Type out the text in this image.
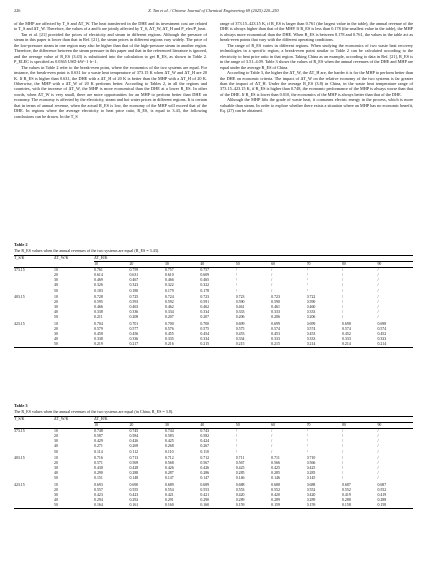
226	Z. Tan et al. / Chinese Journal of Chemical Engineering 69 (2025) 220–250

of the MHP are affected by T_S and ΔT_W. The heat transferred in the DHE and its investment cost are related to T_S and ΔT_W. Therefore, the values of a and b are jointly affected by T_S, ΔT_W, ΔT_H and P_elec/P_heat.

Tan et al. [21] provided the prices of electricity and steam in different regions. Although the pressure of steam in this paper is lower than that in Ref. [21], the steam prices in different regions vary widely. The price of the low-pressure steam in one region may also be higher than that of the high-pressure steam in another region. Therefore, the difference between the steam pressure in this paper and that in the referenced literature is ignored, and the average value of R_ES (3.43) is substituted into the calculation to get R_ES, as shown in Table 2. P_ELEC is specified as 0.0365 USD·kW−1·h−1.

The values in Table 2 refer to the break-even point, where the economics of the two systems are equal. For instance, the break-even point is 0.631 for a waste heat temperature of 373.15 K when ΔT_W and ΔT_H are 20 K. If R_ES is higher than 0.631, the DHE with a ΔT_H of 20 K is better than the MHP with a ΔT_H of 20 K. Otherwise, the MHP with a ΔT_W of 20 K performs better. According to Tables 2, in all the regions and countries, with the increase of ΔT_W, the MHP is more economical than the DHE at a lower R_ES. In other words, when ΔT_W is very small, there are more opportunities for an MHP to perform better than DHE on economy. The economy is affected by the electricity, steam and hot water prices in different regions. It is certain that in terms of annual revenue, when the actual R_ES is low, the economy of the MHP will exceed that of the DHE. In regions where the average electricity to heat price ratio, R_ES, is equal to 3.43, the following conclusions can be drawn. In the T_S

range of 373.15–423.15 K, if R_ES is larger than 0.761 (the largest value in the table), the annual revenue of the DHE is always higher than that of the MHP. If R_ES is less than 0.178 (the smallest value in the table), the MHP is always more economical than the DHE. When R_ES is between 0.178 and 0.761, the values in the table act as break-even points that vary with the different operating conditions.

The range of R_ES varies in different regions. When studying the economics of two waste heat recovery technologies in a specific region, a break-even point similar to Table 2 can be calculated according to the electricity to heat price ratio in that region. Taking China as an example, according to data in Ref. [21], R_ES is in the range of 3.51–4.09. Table 3 shows the values of R_ES when the annual revenues of the DHE and MHP are equal under the average R_ES of China.

According to Table 3, the higher the ΔT_W, the ΔT_H are, the harder it is for the MHP to perform better than the DHE on economic criteria. The impact of ΔT_W on the relative economy of the two systems is far greater than the impact of ΔT_H. Under the average R_ES (3.8) in China, in the waste heat temperature range of 373.15–423.15 K, if R_ES is higher than 0.748, the economic performance of the MHP is always worse than that of the DHE. If R_ES is lower than 0.010, the economics of the MHP is always better than that of the DHE.

Although the MHP lifts the grade of waste heat, it consumes electric energy in the process, which is more valuable than steam. In order to explore whether there exists a situation where an MHP has no economic benefit, Eq. (27) can be obtained.

Table 2
The R_ES values when the annual revenues of the two systems are equal (R_ES = 3.43).
T_S/K	ΔT_W/K	ΔT_H/K								
		10	20	30	40	50	60	70	80	90
373.15	10	0.761	0.759	0.757	0.757	/	/	/	/	/
	20	0.614	0.631	0.610	0.609	/	/	/	/	/
	30	0.469	0.467	0.466	0.465	/	/	/	/	/
	40	0.326	0.323	0.322	0.322	/	/	/	/	/
	50	0.183	0.180	0.179	0.178	/	/	/	/	/
403.15	10	0.728	0.725	0.724	0.723	0.723	0.723	0.722	/	/
	20	0.595	0.593	0.592	0.591	0.590	0.590	0.590	/	/
	30	0.466	0.463	0.462	0.462	0.461	0.461	0.460	/	/
	40	0.338	0.336	0.334	0.334	0.333	0.333	0.333	/	/
	50	0.211	0.208	0.207	0.207	0.206	0.206	0.206	/	/
423.15	10	0.704	0.701	0.700	0.700	0.699	0.699	0.699	0.698	0.698
	20	0.579	0.577	0.576	0.575	0.575	0.574	0.574	0.574	0.574
	30	0.458	0.456	0.455	0.454	0.453	0.453	0.453	0.452	0.452
	40	0.338	0.336	0.335	0.334	0.334	0.333	0.333	0.333	0.333
	50	0.219	0.217	0.216	0.215	0.215	0.215	0.214	0.214	0.214
Table 3
The R_ES values when the annual revenues of the two systems are equal (in China, R_ES = 3.8).
T_S/K	ΔT_W/K	ΔT_H/K								
		10	20	30	40	50	60	70	80	90
373.15	10	0.748	0.745	0.744	0.743	/	/	/	/	/
	20	0.587	0.584	0.583	0.582	/	/	/	/	/
	30	0.429	0.426	0.425	0.424	/	/	/	/	/
	40	0.271	0.269	0.268	0.267	/	/	/	/	/
	50	0.114	0.112	0.110	0.110	/	/	/	/	/
403.15	10	0.716	0.713	0.712	0.712	0.711	0.711	0.710	/	/
	20	0.571	0.569	0.568	0.567	0.567	0.566	0.566	/	/
	30	0.430	0.428	0.426	0.426	0.425	0.425	0.425	/	/
	40	0.290	0.288	0.287	0.286	0.285	0.285	0.285	/	/
	50	0.151	0.148	0.147	0.147	0.146	0.146	0.145	/	/
423.15	10	0.693	0.690	0.689	0.689	0.688	0.688	0.688	0.687	0.687
	20	0.557	0.555	0.554	0.553	0.553	0.552	0.552	0.552	0.552
	30	0.423	0.423	0.421	0.421	0.420	0.420	0.420	0.419	0.419
	40	0.294	0.292	0.291	0.290	0.289	0.289	0.289	0.288	0.288
	50	0.164	0.161	0.160	0.160	0.159	0.159	0.159	0.158	0.158
